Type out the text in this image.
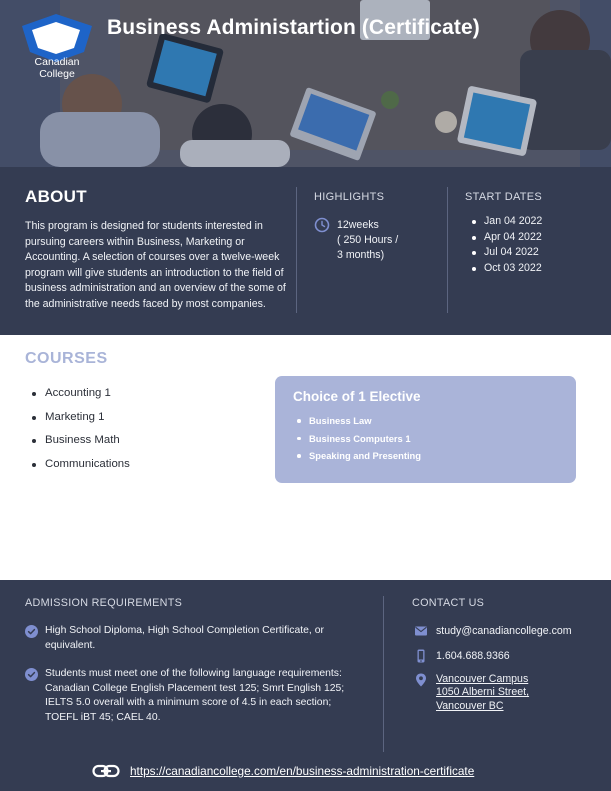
Canadian
College
Business Administartion (Certificate)
ABOUT

This program is designed for students interested in pursuing careers within Business, Marketing or Accounting. A selection of courses over a twelve-week program will give students an introduction to the field of business administration and an overview of the some of the administrative needs faced by most companies.

HIGHLIGHTS
12weeks
( 250 Hours /
3 months)
START DATES
Jan 04 2022
Apr 04 2022
Jul 04 2022
Oct 03 2022
COURSES
Accounting 1
Marketing 1
Business Math
Communications
Choice of 1 Elective
Business Law
Business Computers 1
Speaking and Presenting
ADMISSION REQUIREMENTS
High School Diploma, High School Completion Certificate, or equivalent.
Students must meet one of the following language requirements: Canadian College English Placement test 125; Smrt English 125; IELTS 5.0 overall with a minimum score of 4.5 in each section; TOEFL iBT 45; CAEL 40.
CONTACT US
study@canadiancollege.com
1.604.688.9366
Vancouver Campus
1050 Alberni Street,
Vancouver BC
https://canadiancollege.com/en/business-administration-certificate
